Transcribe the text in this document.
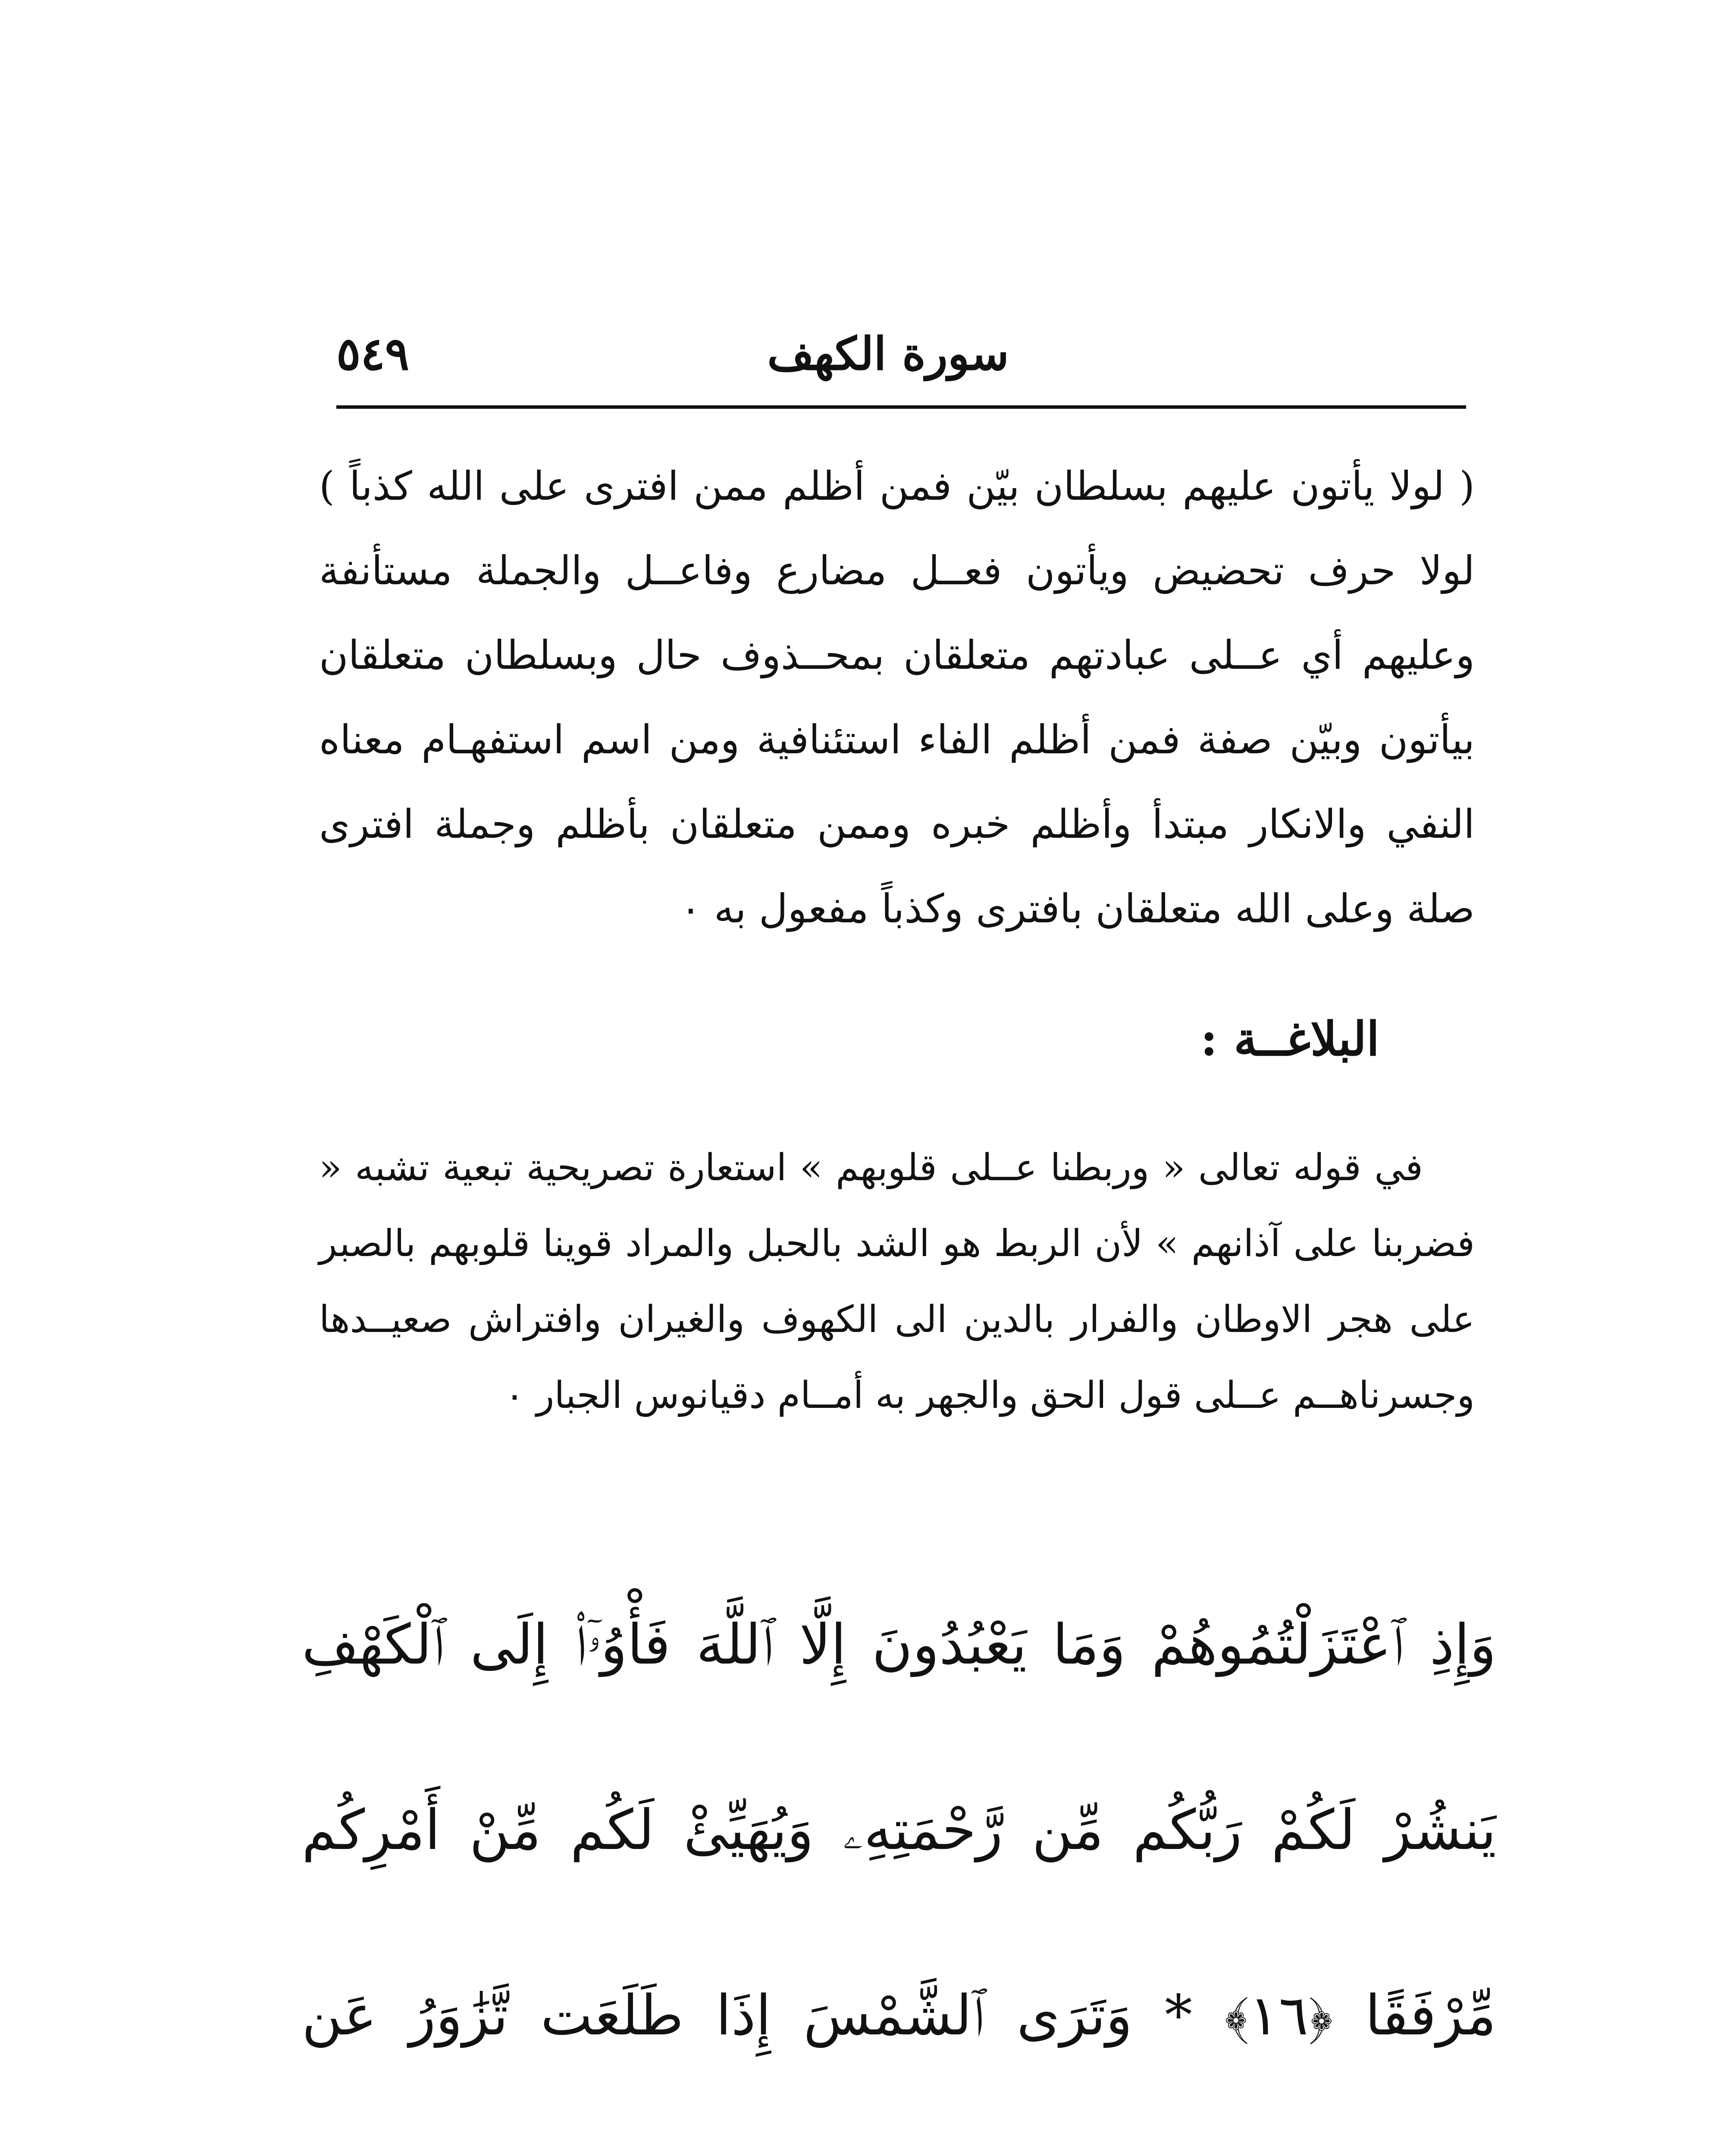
سورة الكهف
٥٤٩

( لولا يأتون عليهم بسلطان بيّن فمن أظلم ممن افترى على الله كذباً ) لولا حرف تحضيض ويأتون فعــل مضارع وفاعــل والجملة مستأنفة وعليهم أي عــلى عبادتهم متعلقان بمحــذوف حال وبسلطان متعلقان بيأتون وبيّن صفة فمن أظلم الفاء استئنافية ومن اسم استفهـام معناه النفي والانكار مبتدأ وأظلم خبره وممن متعلقان بأظلم وجملة افترى صلة وعلى الله متعلقان بافترى وكذباً مفعول به ٠

البلاغــة :

في قوله تعالى « وربطنا عــلى قلوبهم » استعارة تصريحية تبعية تشبه « فضربنا على آذانهم » لأن الربط هو الشد بالحبل والمراد قوينا قلوبهم بالصبر على هجر الاوطان والفرار بالدين الى الكهوف والغيران وافتراش صعيــدها وجسرناهــم عــلى قول الحق والجهر به أمــام دقيانوس الجبار ٠

وَإِذِ ٱعْتَزَلْتُمُوهُمْ وَمَا يَعْبُدُونَ إِلَّا ٱللَّهَ فَأْوُۥٓا۟ إِلَى ٱلْكَهْفِ يَنشُرْ لَكُمْ رَبُّكُم مِّن رَّحْمَتِهِۦ وَيُهَيِّئْ لَكُم مِّنْ أَمْرِكُم مِّرْفَقًا ﴿١٦﴾ * وَتَرَى ٱلشَّمْسَ إِذَا طَلَعَت تَّزَٰوَرُ عَن
